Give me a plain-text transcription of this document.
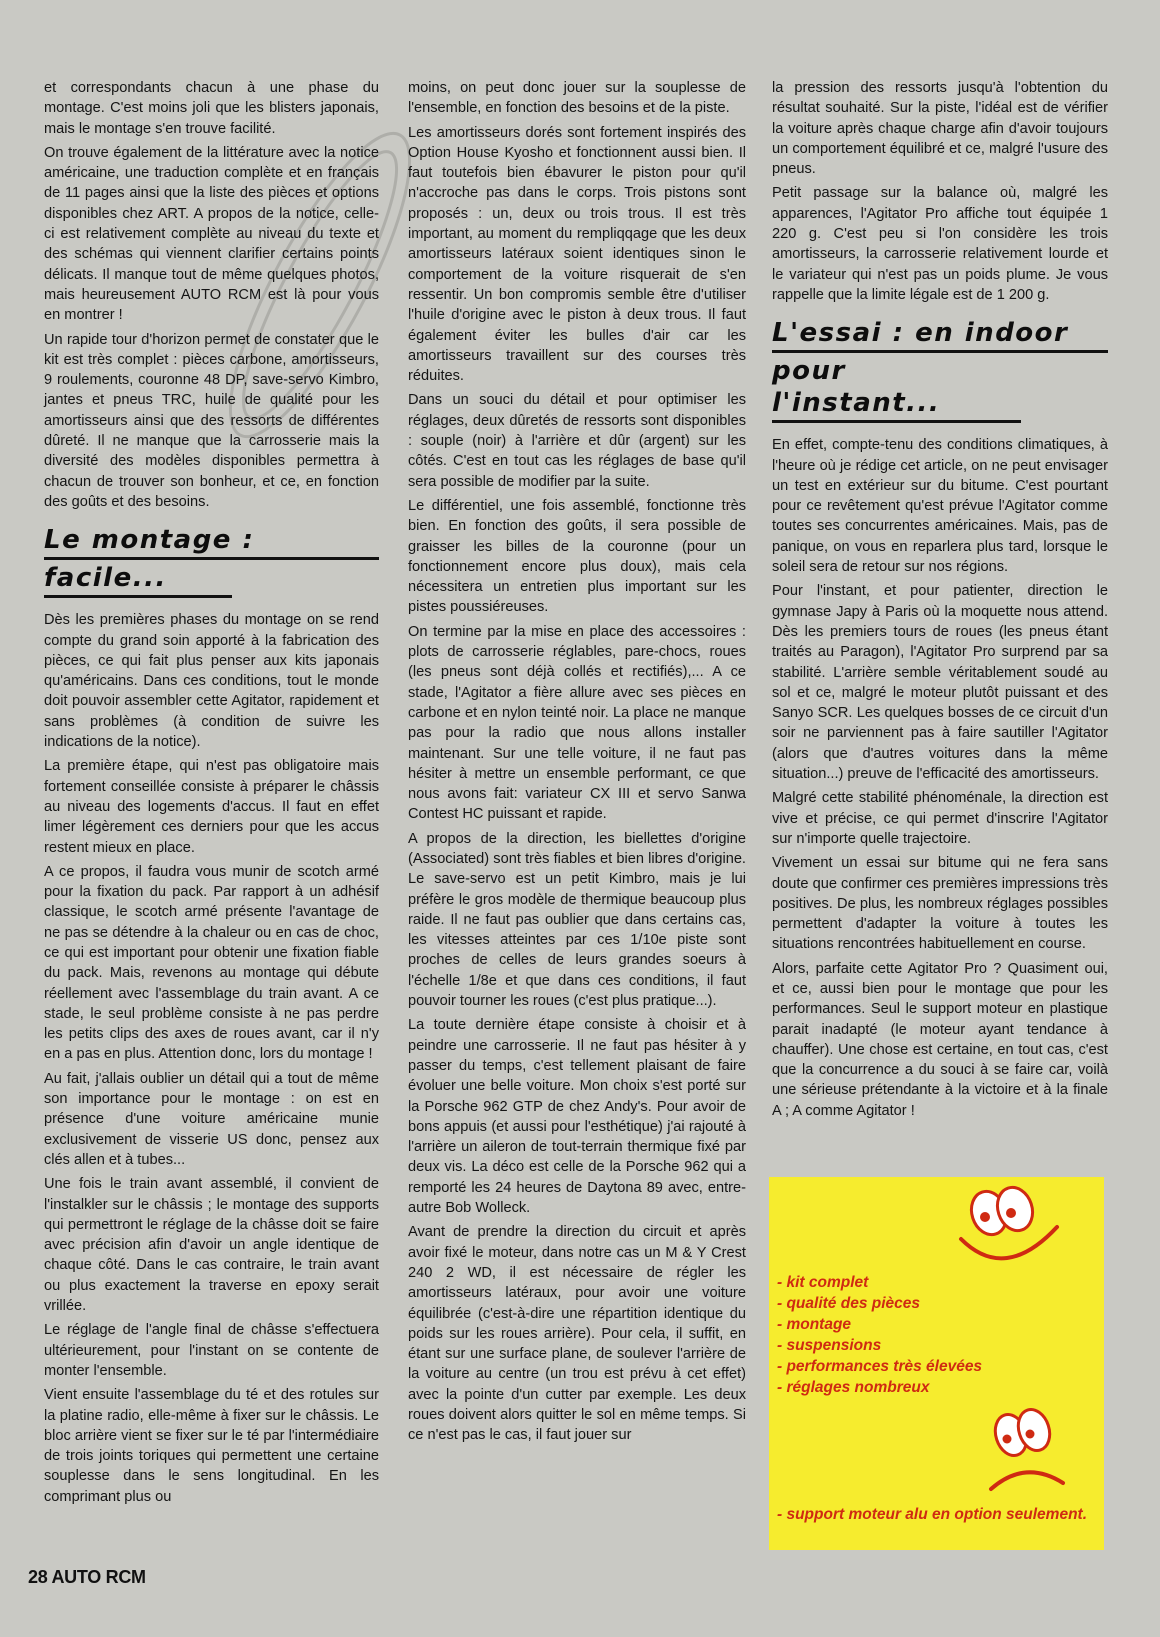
et correspondants chacun à une phase du montage. C'est moins joli que les blisters japonais, mais le montage s'en trouve facilité.

On trouve également de la littérature avec la notice américaine, une traduction complète et en français de 11 pages ainsi que la liste des pièces et options disponibles chez ART. A propos de la notice, celle-ci est relativement complète au niveau du texte et des schémas qui viennent clarifier certains points délicats. Il manque tout de même quelques photos, mais heureusement AUTO RCM est là pour vous en montrer !

Un rapide tour d'horizon permet de constater que le kit est très complet : pièces carbone, amortisseurs, 9 roulements, couronne 48 DP, save-servo Kimbro, jantes et pneus TRC, huile de qualité pour les amortisseurs ainsi que des ressorts de différentes dûreté. Il ne manque que la carrosserie mais la diversité des modèles disponibles permettra à chacun de trouver son bonheur, et ce, en fonction des goûts et des besoins.

Le montage :
facile...

Dès les premières phases du montage on se rend compte du grand soin apporté à la fabrication des pièces, ce qui fait plus penser aux kits japonais qu'américains. Dans ces conditions, tout le monde doit pouvoir assembler cette Agitator, rapidement et sans problèmes (à condition de suivre les indications de la notice).

La première étape, qui n'est pas obligatoire mais fortement conseillée consiste à préparer le châssis au niveau des logements d'accus. Il faut en effet limer légèrement ces derniers pour que les accus restent mieux en place.

A ce propos, il faudra vous munir de scotch armé pour la fixation du pack. Par rapport à un adhésif classique, le scotch armé présente l'avantage de ne pas se détendre à la chaleur ou en cas de choc, ce qui est important pour obtenir une fixation fiable du pack. Mais, revenons au montage qui débute réellement avec l'assemblage du train avant. A ce stade, le seul problème consiste à ne pas perdre les petits clips des axes de roues avant, car il n'y en a pas en plus. Attention donc, lors du montage !

Au fait, j'allais oublier un détail qui a tout de même son importance pour le montage : on est en présence d'une voiture américaine munie exclusivement de visserie US donc, pensez aux clés allen et à tubes...

Une fois le train avant assemblé, il convient de l'instalkler sur le châssis ; le montage des supports qui permettront le réglage de la châsse doit se faire avec précision afin d'avoir un angle identique de chaque côté. Dans le cas contraire, le train avant ou plus exactement la traverse en epoxy serait vrillée.

Le réglage de l'angle final de châsse s'effectuera ultérieurement, pour l'instant on se contente de monter l'ensemble.

Vient ensuite l'assemblage du té et des rotules sur la platine radio, elle-même à fixer sur le châssis. Le bloc arrière vient se fixer sur le té par l'intermédiaire de trois joints toriques qui permettent une certaine souplesse dans le sens longitudinal. En les comprimant plus ou

moins, on peut donc jouer sur la souplesse de l'ensemble, en fonction des besoins et de la piste.

Les amortisseurs dorés sont fortement inspirés des Option House Kyosho et fonctionnent aussi bien. Il faut toutefois bien ébavurer le piston pour qu'il n'accroche pas dans le corps. Trois pistons sont proposés : un, deux ou trois trous. Il est très important, au moment du rempliqqage que les deux amortisseurs latéraux soient identiques sinon le comportement de la voiture risquerait de s'en ressentir. Un bon compromis semble être d'utiliser l'huile d'origine avec le piston à deux trous. Il faut également éviter les bulles d'air car les amortisseurs travaillent sur des courses très réduites.

Dans un souci du détail et pour optimiser les réglages, deux dûretés de ressorts sont disponibles : souple (noir) à l'arrière et dûr (argent) sur les côtés. C'est en tout cas les réglages de base qu'il sera possible de modifier par la suite.

Le différentiel, une fois assemblé, fonctionne très bien. En fonction des goûts, il sera possible de graisser les billes de la couronne (pour un fonctionnement encore plus doux), mais cela nécessitera un entretien plus important sur les pistes poussiéreuses.

On termine par la mise en place des accessoires : plots de carrosserie réglables, pare-chocs, roues (les pneus sont déjà collés et rectifiés),... A ce stade, l'Agitator a fière allure avec ses pièces en carbone et en nylon teinté noir. La place ne manque pas pour la radio que nous allons installer maintenant. Sur une telle voiture, il ne faut pas hésiter à mettre un ensemble performant, ce que nous avons fait: variateur CX III et servo Sanwa Contest HC puissant et rapide.

A propos de la direction, les biellettes d'origine (Associated) sont très fiables et bien libres d'origine. Le save-servo est un petit Kimbro, mais je lui préfère le gros modèle de thermique beaucoup plus raide. Il ne faut pas oublier que dans certains cas, les vitesses atteintes par ces 1/10e piste sont proches de celles de leurs grandes soeurs à l'échelle 1/8e et que dans ces conditions, il faut pouvoir tourner les roues (c'est plus pratique...).

La toute dernière étape consiste à choisir et à peindre une carrosserie. Il ne faut pas hésiter à y passer du temps, c'est tellement plaisant de faire évoluer une belle voiture. Mon choix s'est porté sur la Porsche 962 GTP de chez Andy's. Pour avoir de bons appuis (et aussi pour l'esthétique) j'ai rajouté à l'arrière un aileron de tout-terrain thermique fixé par deux vis. La déco est celle de la Porsche 962 qui a remporté les 24 heures de Daytona 89 avec, entre-autre Bob Wolleck.

Avant de prendre la direction du circuit et après avoir fixé le moteur, dans notre cas un M & Y Crest 240 2 WD, il est nécessaire de régler les amortisseurs latéraux, pour avoir une voiture équilibrée (c'est-à-dire une répartition identique du poids sur les roues arrière). Pour cela, il suffit, en étant sur une surface plane, de soulever l'arrière de la voiture au centre (un trou est prévu à cet effet) avec la pointe d'un cutter par exemple. Les deux roues doivent alors quitter le sol en même temps. Si ce n'est pas le cas, il faut jouer sur

la pression des ressorts jusqu'à l'obtention du résultat souhaité. Sur la piste, l'idéal est de vérifier la voiture après chaque charge afin d'avoir toujours un comportement équilibré et ce, malgré l'usure des pneus.

Petit passage sur la balance où, malgré les apparences, l'Agitator Pro affiche tout équipée 1 220 g. C'est peu si l'on considère les trois amortisseurs, la carrosserie relativement lourde et le variateur qui n'est pas un poids plume. Je vous rappelle que la limite légale est de 1 200 g.

L'essai : en indoor
pour l'instant...

En effet, compte-tenu des conditions climatiques, à l'heure où je rédige cet article, on ne peut envisager un test en extérieur sur du bitume. C'est pourtant pour ce revêtement qu'est prévue l'Agitator comme toutes ses concurrentes américaines. Mais, pas de panique, on vous en reparlera plus tard, lorsque le soleil sera de retour sur nos régions.

Pour l'instant, et pour patienter, direction le gymnase Japy à Paris où la moquette nous attend. Dès les premiers tours de roues (les pneus étant traités au Paragon), l'Agitator Pro surprend par sa stabilité. L'arrière semble véritablement soudé au sol et ce, malgré le moteur plutôt puissant et des Sanyo SCR. Les quelques bosses de ce circuit d'un soir ne parviennent pas à faire sautiller l'Agitator (alors que d'autres voitures dans la même situation...) preuve de l'efficacité des amortisseurs.

Malgré cette stabilité phénoménale, la direction est vive et précise, ce qui permet d'inscrire l'Agitator sur n'importe quelle trajectoire.

Vivement un essai sur bitume qui ne fera sans doute que confirmer ces premières impressions très positives. De plus, les nombreux réglages possibles permettent d'adapter la voiture à toutes les situations rencontrées habituellement en course.

Alors, parfaite cette Agitator Pro ? Quasiment oui, et ce, aussi bien pour le montage que pour les performances. Seul le support moteur en plastique parait inadapté (le moteur ayant tendance à chauffer). Une chose est certaine, en tout cas, c'est que la concurrence a du souci à se faire car, voilà une sérieuse prétendante à la victoire et à la finale A ; A comme Agitator !

- kit complet
- qualité des pièces
- montage
- suspensions
- performances très élevées
- réglages nombreux

- support moteur alu en option seulement.

28 AUTO RCM
